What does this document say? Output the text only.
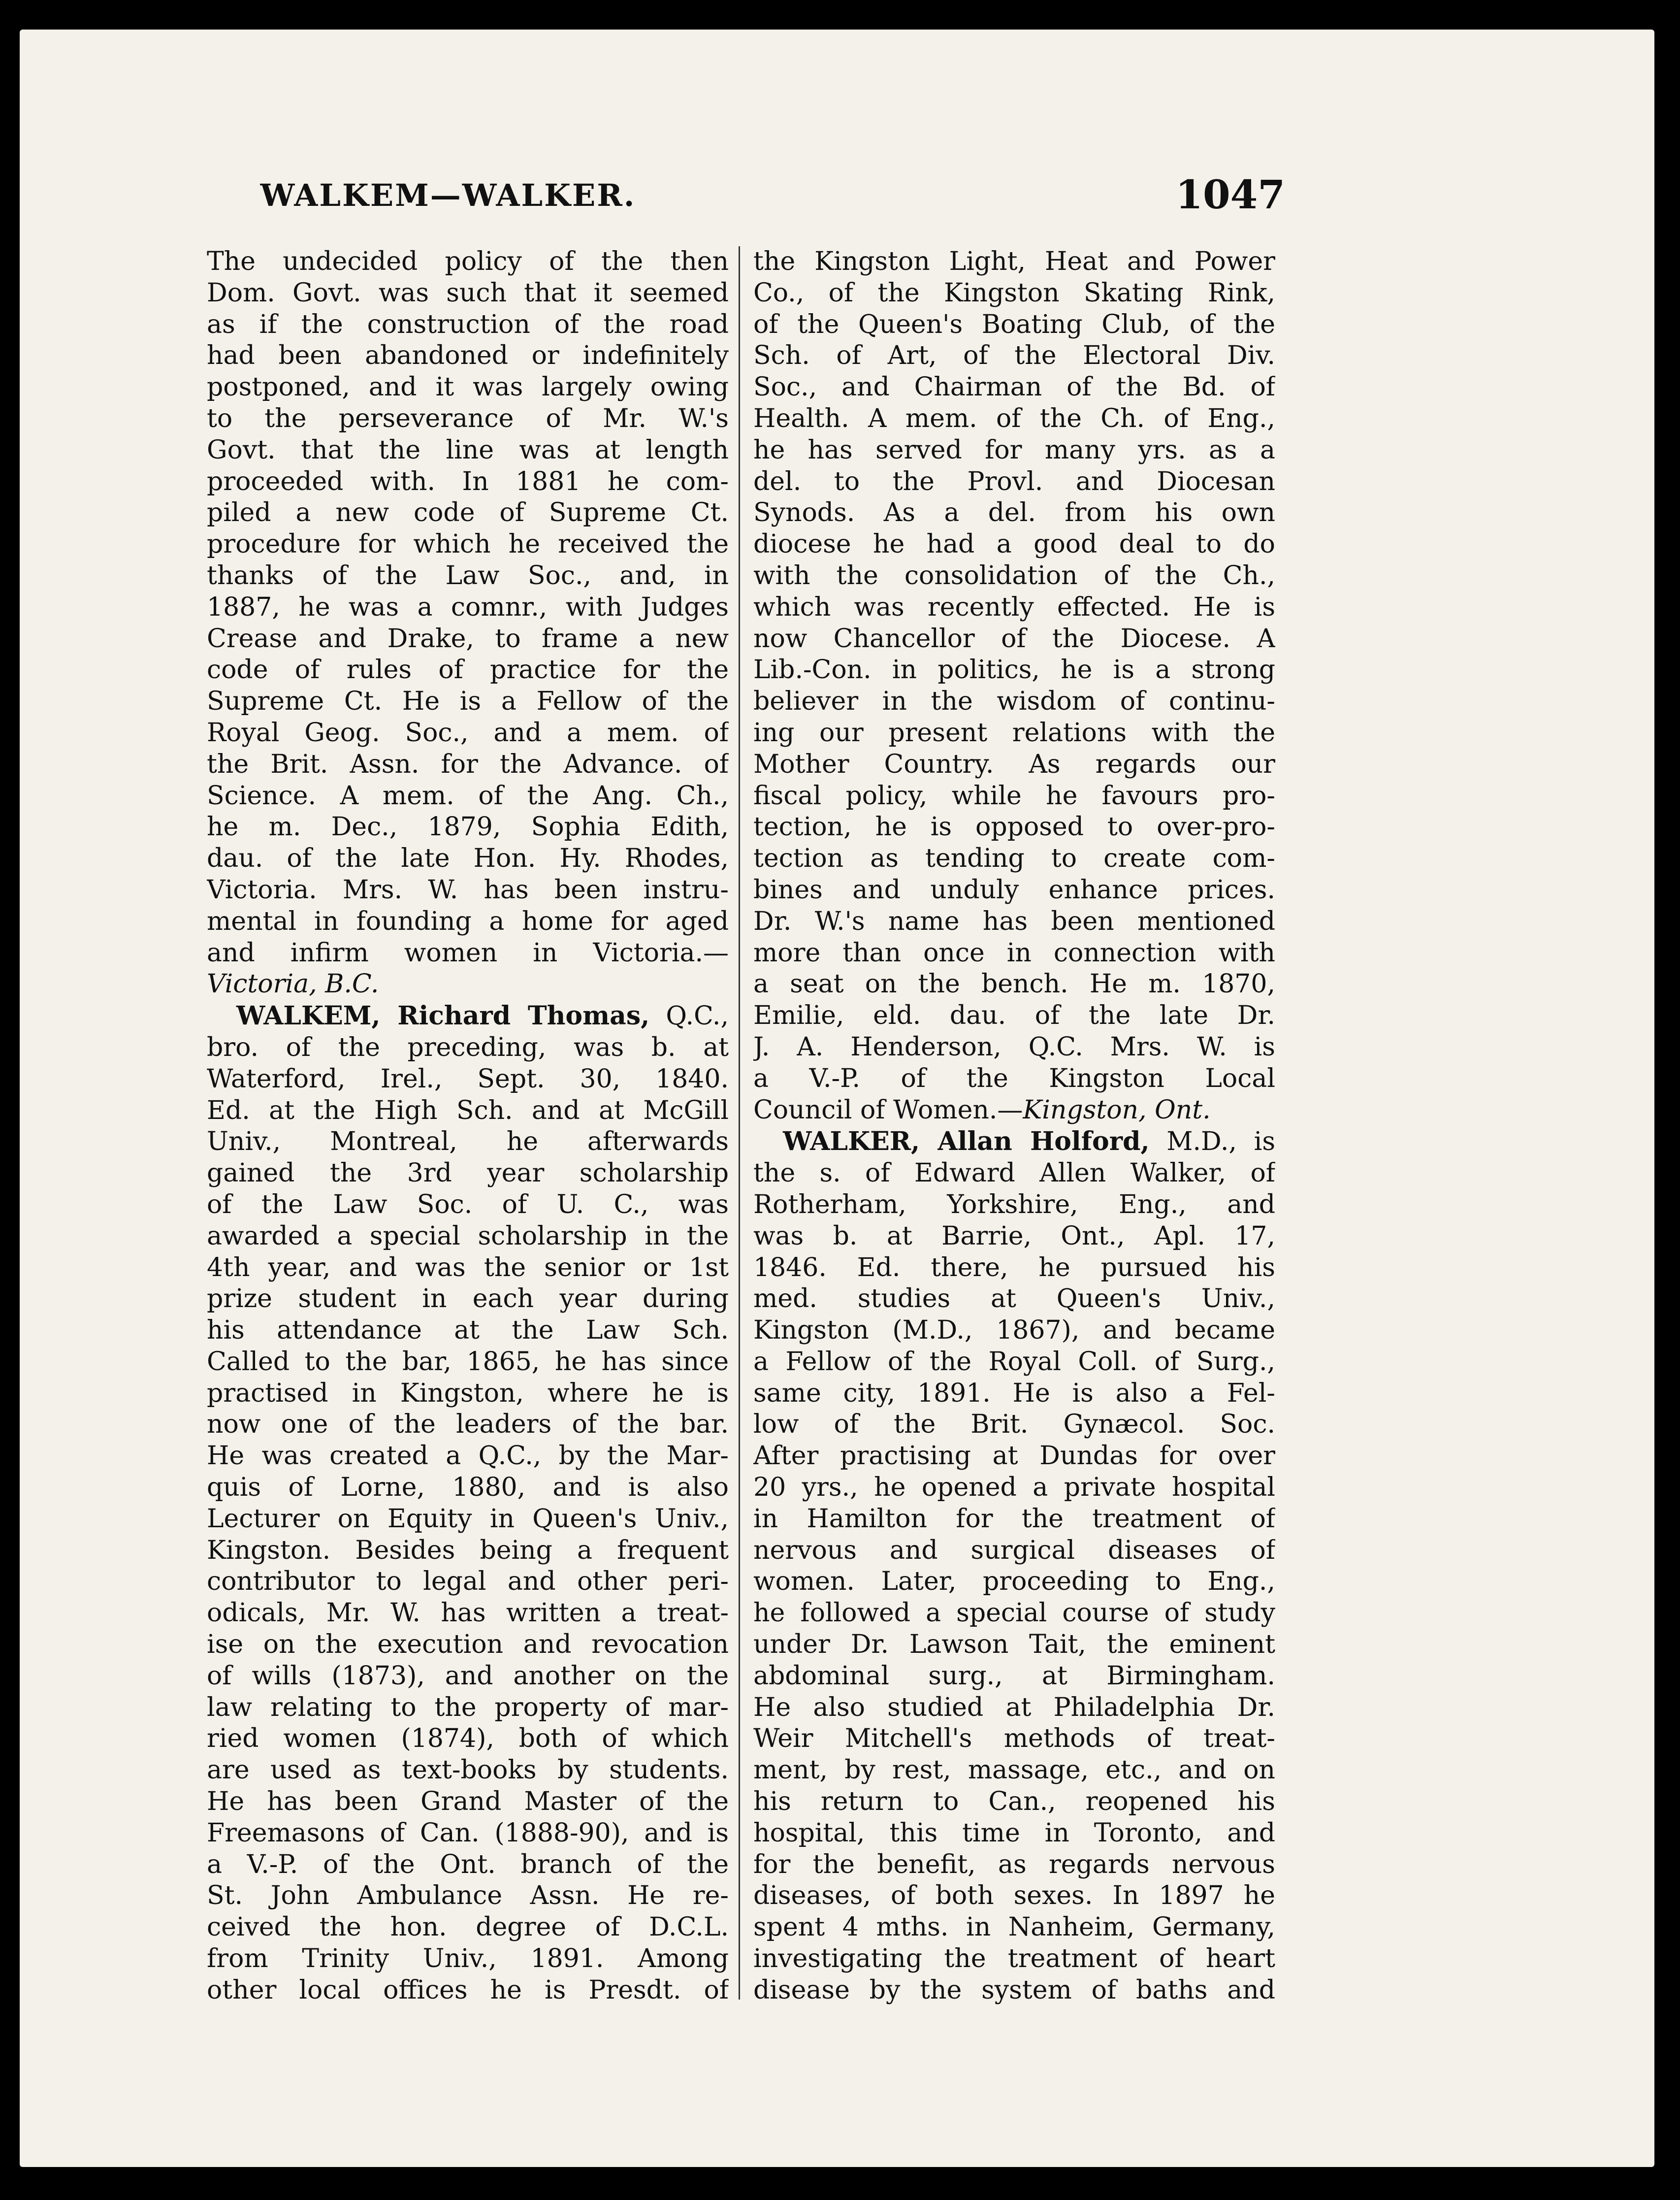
WALKEM—WALKER.	1047
The undecided policy of the then
Dom. Govt. was such that it seemed
as if the construction of the road
had been abandoned or indefinitely
postponed, and it was largely owing
to the perseverance of Mr. W.'s
Govt. that the line was at length
proceeded with. In 1881 he com-
piled a new code of Supreme Ct.
procedure for which he received the
thanks of the Law Soc., and, in
1887, he was a comnr., with Judges
Crease and Drake, to frame a new
code of rules of practice for the
Supreme Ct. He is a Fellow of the
Royal Geog. Soc., and a mem. of
the Brit. Assn. for the Advance. of
Science. A mem. of the Ang. Ch.,
he m. Dec., 1879, Sophia Edith,
dau. of the late Hon. Hy. Rhodes,
Victoria. Mrs. W. has been instru-
mental in founding a home for aged
and infirm women in Victoria.—
Victoria, B.C.
WALKEM, Richard Thomas, Q.C.,
bro. of the preceding, was b. at
Waterford, Irel., Sept. 30, 1840.
Ed. at the High Sch. and at McGill
Univ., Montreal, he afterwards
gained the 3rd year scholarship
of the Law Soc. of U. C., was
awarded a special scholarship in the
4th year, and was the senior or 1st
prize student in each year during
his attendance at the Law Sch.
Called to the bar, 1865, he has since
practised in Kingston, where he is
now one of the leaders of the bar.
He was created a Q.C., by the Mar-
quis of Lorne, 1880, and is also
Lecturer on Equity in Queen's Univ.,
Kingston. Besides being a frequent
contributor to legal and other peri-
odicals, Mr. W. has written a treat-
ise on the execution and revocation
of wills (1873), and another on the
law relating to the property of mar-
ried women (1874), both of which
are used as text-books by students.
He has been Grand Master of the
Freemasons of Can. (1888-90), and is
a V.-P. of the Ont. branch of the
St. John Ambulance Assn. He re-
ceived the hon. degree of D.C.L.
from Trinity Univ., 1891. Among
other local offices he is Presdt. of
the Kingston Light, Heat and Power
Co., of the Kingston Skating Rink,
of the Queen's Boating Club, of the
Sch. of Art, of the Electoral Div.
Soc., and Chairman of the Bd. of
Health. A mem. of the Ch. of Eng.,
he has served for many yrs. as a
del. to the Provl. and Diocesan
Synods. As a del. from his own
diocese he had a good deal to do
with the consolidation of the Ch.,
which was recently effected. He is
now Chancellor of the Diocese. A
Lib.-Con. in politics, he is a strong
believer in the wisdom of continu-
ing our present relations with the
Mother Country. As regards our
fiscal policy, while he favours pro-
tection, he is opposed to over-pro-
tection as tending to create com-
bines and unduly enhance prices.
Dr. W.'s name has been mentioned
more than once in connection with
a seat on the bench. He m. 1870,
Emilie, eld. dau. of the late Dr.
J. A. Henderson, Q.C. Mrs. W. is
a V.-P. of the Kingston Local
Council of Women.—Kingston, Ont.
WALKER, Allan Holford, M.D., is
the s. of Edward Allen Walker, of
Rotherham, Yorkshire, Eng., and
was b. at Barrie, Ont., Apl. 17,
1846. Ed. there, he pursued his
med. studies at Queen's Univ.,
Kingston (M.D., 1867), and became
a Fellow of the Royal Coll. of Surg.,
same city, 1891. He is also a Fel-
low of the Brit. Gynæcol. Soc.
After practising at Dundas for over
20 yrs., he opened a private hospital
in Hamilton for the treatment of
nervous and surgical diseases of
women. Later, proceeding to Eng.,
he followed a special course of study
under Dr. Lawson Tait, the eminent
abdominal surg., at Birmingham.
He also studied at Philadelphia Dr.
Weir Mitchell's methods of treat-
ment, by rest, massage, etc., and on
his return to Can., reopened his
hospital, this time in Toronto, and
for the benefit, as regards nervous
diseases, of both sexes. In 1897 he
spent 4 mths. in Nanheim, Germany,
investigating the treatment of heart
disease by the system of baths and
